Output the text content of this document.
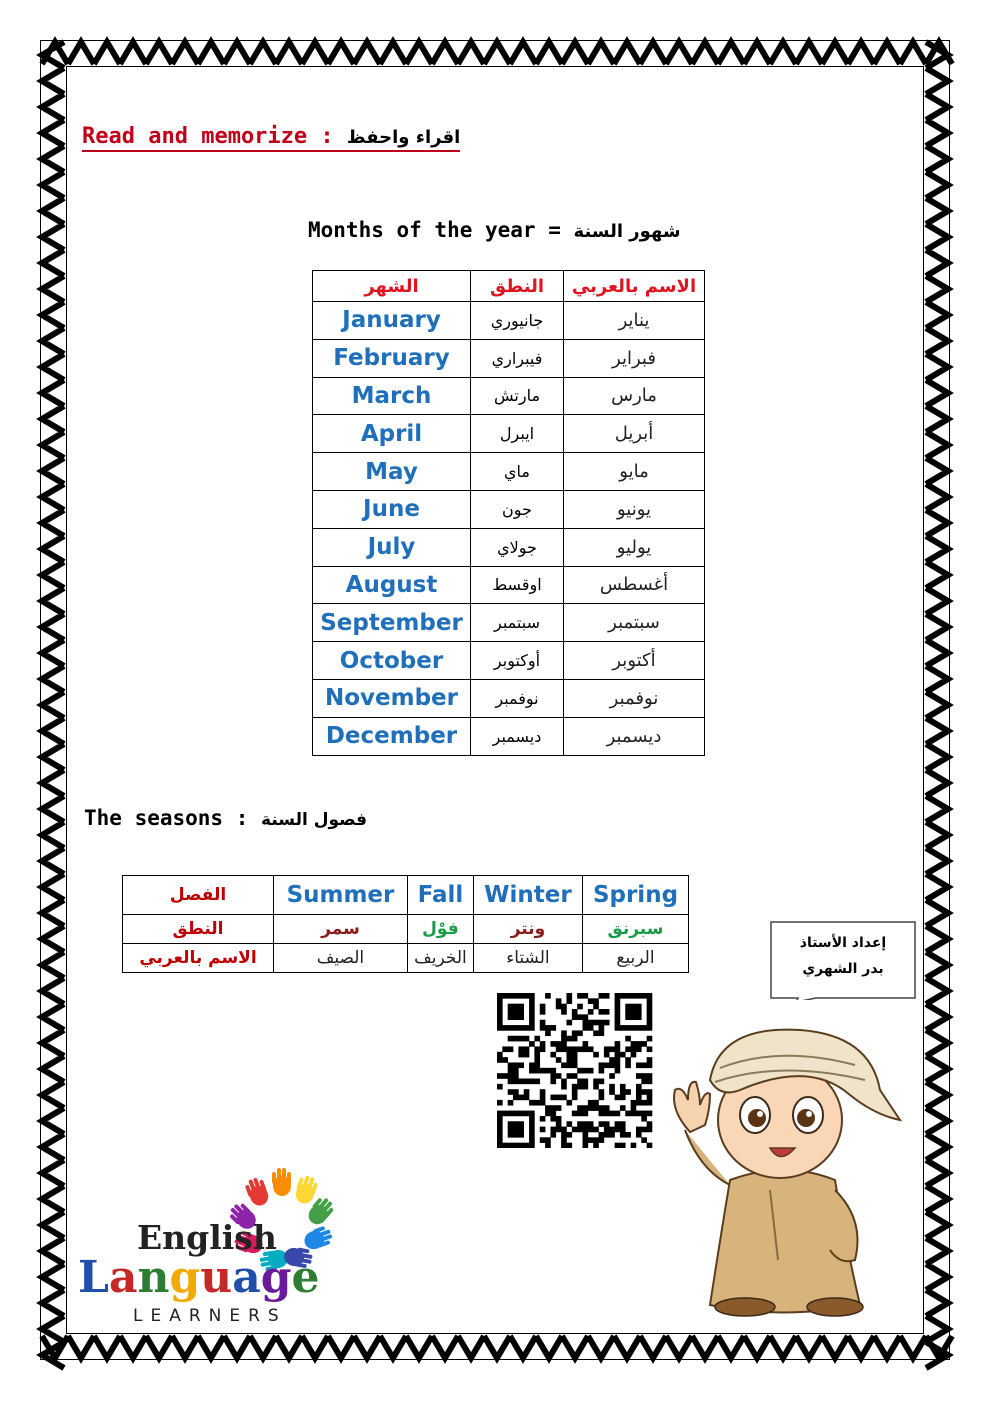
Read and memorize : اقراء واحفظ
Months of the year = شهور السنة
الشهر	النطق	الاسم بالعربي
January	جانيوري	يناير
February	فيبراري	فبراير
March	مارتش	مارس
April	ايبرل	أبريل
May	ماي	مايو
June	جون	يونيو
July	جولاي	يوليو
August	اوقسط	أغسطس
September	سبتمبر	سبتمبر
October	أوكتوبر	أكتوبر
November	نوفمبر	نوفمبر
December	ديسمبر	ديسمبر
The seasons : فصول السنة
الفصل	Summer	Fall	Winter	Spring
النطق	سمر	فوْل	ونتر	سبرنق
الاسم بالعربي	الصيف	الخريف	الشتاء	الربيع
إعداد الأستاذ
بدر الشهري
English
Language
LEARNERS
